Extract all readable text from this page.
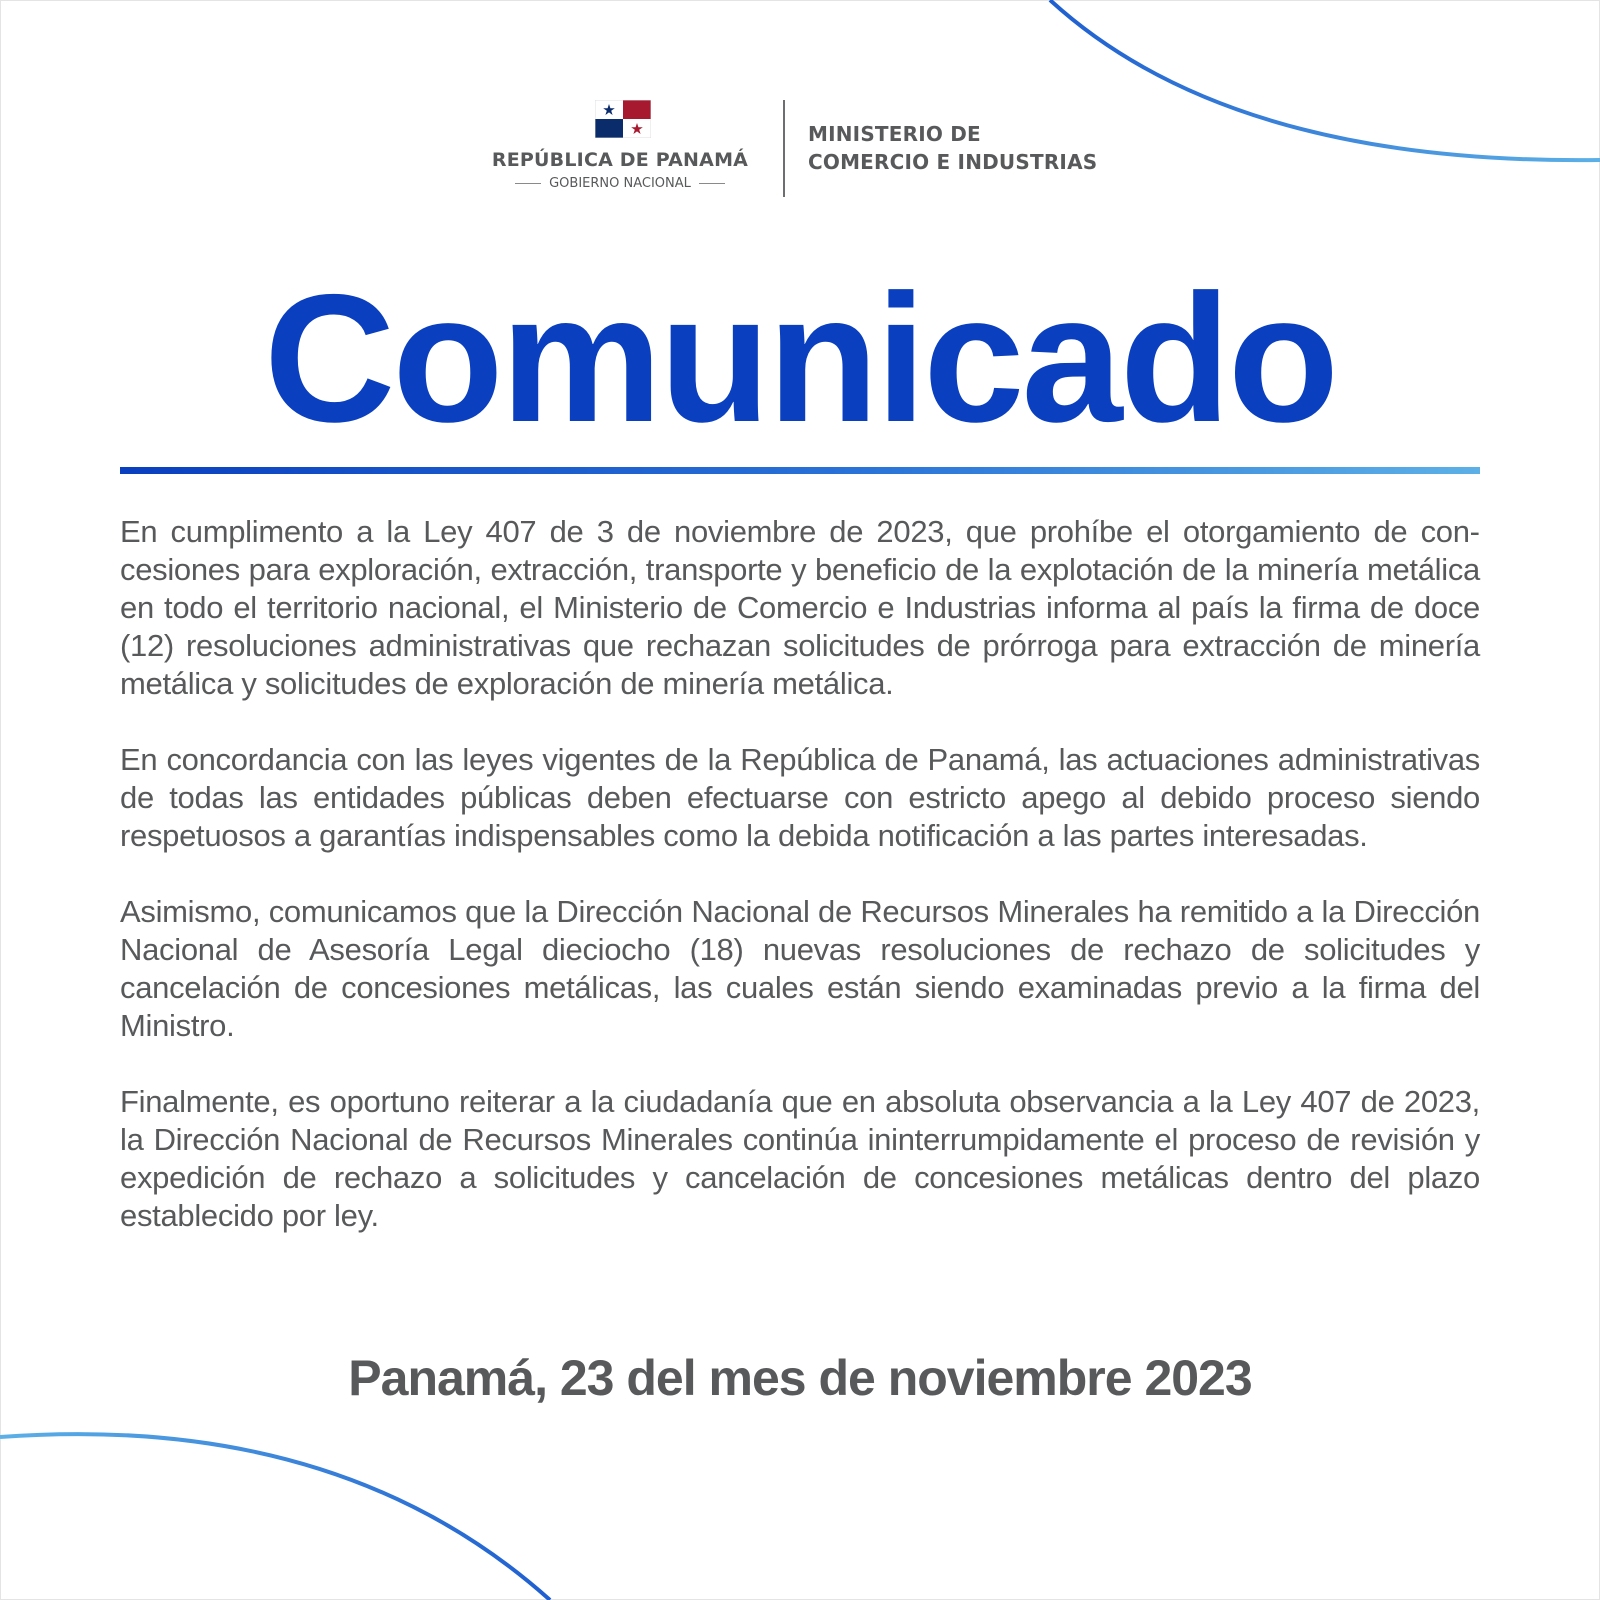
REPÚBLICA DE PANAMÁ
GOBIERNO NACIONAL
MINISTERIO DE
COMERCIO E INDUSTRIAS
Comunicado

En cumplimento a la Ley 407 de 3 de noviembre de 2023, que prohíbe el otorgamiento de concesiones para exploración, extracción, transporte y beneficio de la explotación de la minería metálica en todo el territorio nacional, el Ministerio de Comercio e Industrias informa al país la firma de doce (12) resoluciones administrativas que rechazan solicitudes de prórroga para extracción de minería metálica y solicitudes de exploración de minería metálica.

En concordancia con las leyes vigentes de la República de Panamá, las actuaciones administrativas de todas las entidades públicas deben efectuarse con estricto apego al debido proceso siendo respetuosos a garantías indispensables como la debida notificación a las partes interesadas.

Asimismo, comunicamos que la Dirección Nacional de Recursos Minerales ha remitido a la Dirección Nacional de Asesoría Legal dieciocho (18) nuevas resoluciones de rechazo de solicitudes y cancelación de concesiones metálicas, las cuales están siendo examinadas previo a la firma del Ministro.

Finalmente, es oportuno reiterar a la ciudadanía que en absoluta observancia a la Ley 407 de 2023, la Dirección Nacional de Recursos Minerales continúa ininterrumpidamente el proceso de revisión y expedición de rechazo a solicitudes y cancelación de concesiones metálicas dentro del plazo establecido por ley.

Panamá, 23 del mes de noviembre 2023
